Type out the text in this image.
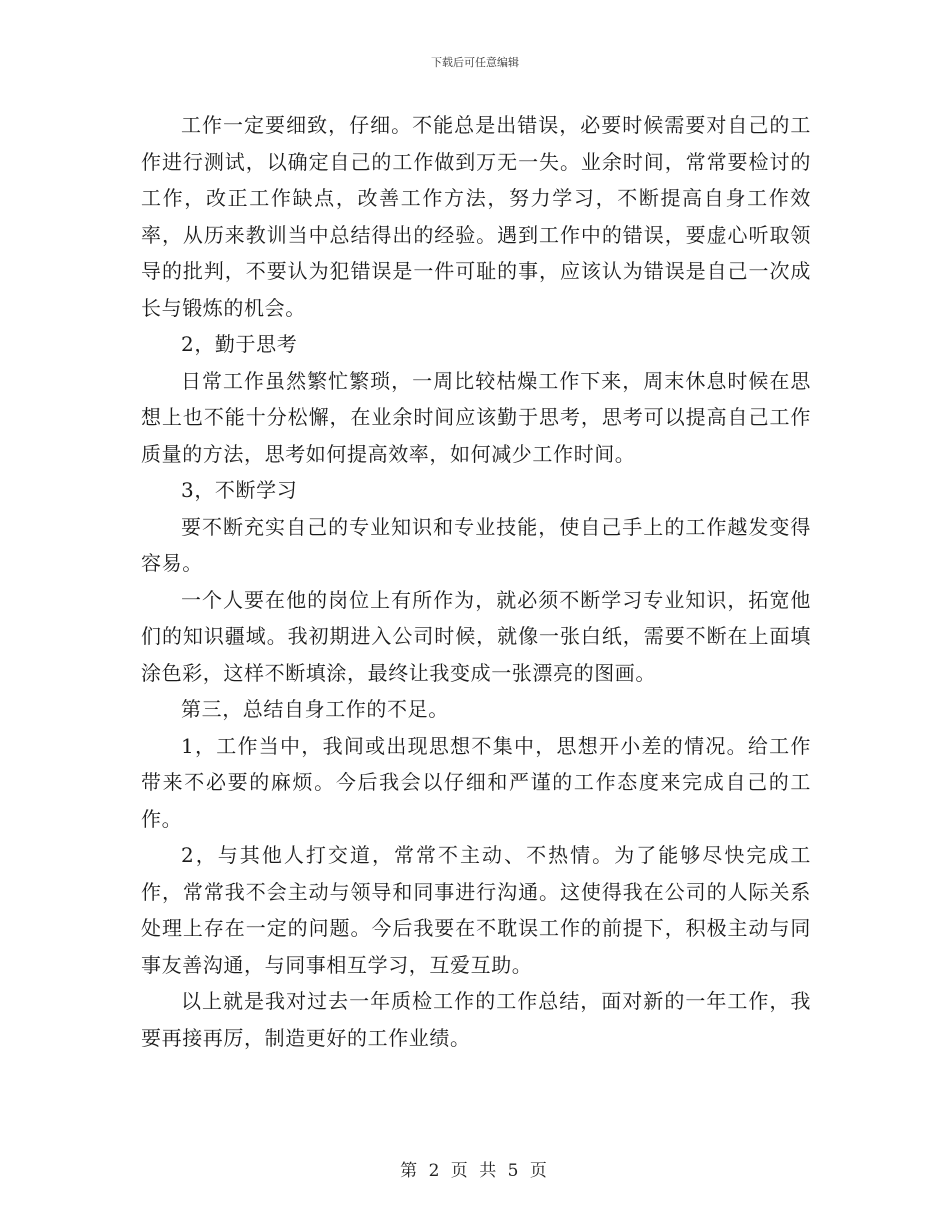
下载后可任意编辑

工作一定要细致，仔细。不能总是出错误，必要时候需要对自己的工作进行测试，以确定自己的工作做到万无一失。业余时间，常常要检讨的工作，改正工作缺点，改善工作方法，努力学习，不断提高自身工作效率，从历来教训当中总结得出的经验。遇到工作中的错误，要虚心听取领导的批判，不要认为犯错误是一件可耻的事，应该认为错误是自己一次成长与锻炼的机会。

2，勤于思考

日常工作虽然繁忙繁琐，一周比较枯燥工作下来，周末休息时候在思想上也不能十分松懈，在业余时间应该勤于思考，思考可以提高自己工作质量的方法，思考如何提高效率，如何减少工作时间。

3，不断学习

要不断充实自己的专业知识和专业技能，使自己手上的工作越发变得容易。

一个人要在他的岗位上有所作为，就必须不断学习专业知识，拓宽他们的知识疆域。我初期进入公司时候，就像一张白纸，需要不断在上面填涂色彩，这样不断填涂，最终让我变成一张漂亮的图画。

第三，总结自身工作的不足。

1，工作当中，我间或出现思想不集中，思想开小差的情况。给工作带来不必要的麻烦。今后我会以仔细和严谨的工作态度来完成自己的工作。

2，与其他人打交道，常常不主动、不热情。为了能够尽快完成工作，常常我不会主动与领导和同事进行沟通。这使得我在公司的人际关系处理上存在一定的问题。今后我要在不耽误工作的前提下，积极主动与同事友善沟通，与同事相互学习，互爱互助。

以上就是我对过去一年质检工作的工作总结，面对新的一年工作，我要再接再厉，制造更好的工作业绩。

第 2 页 共 5 页
